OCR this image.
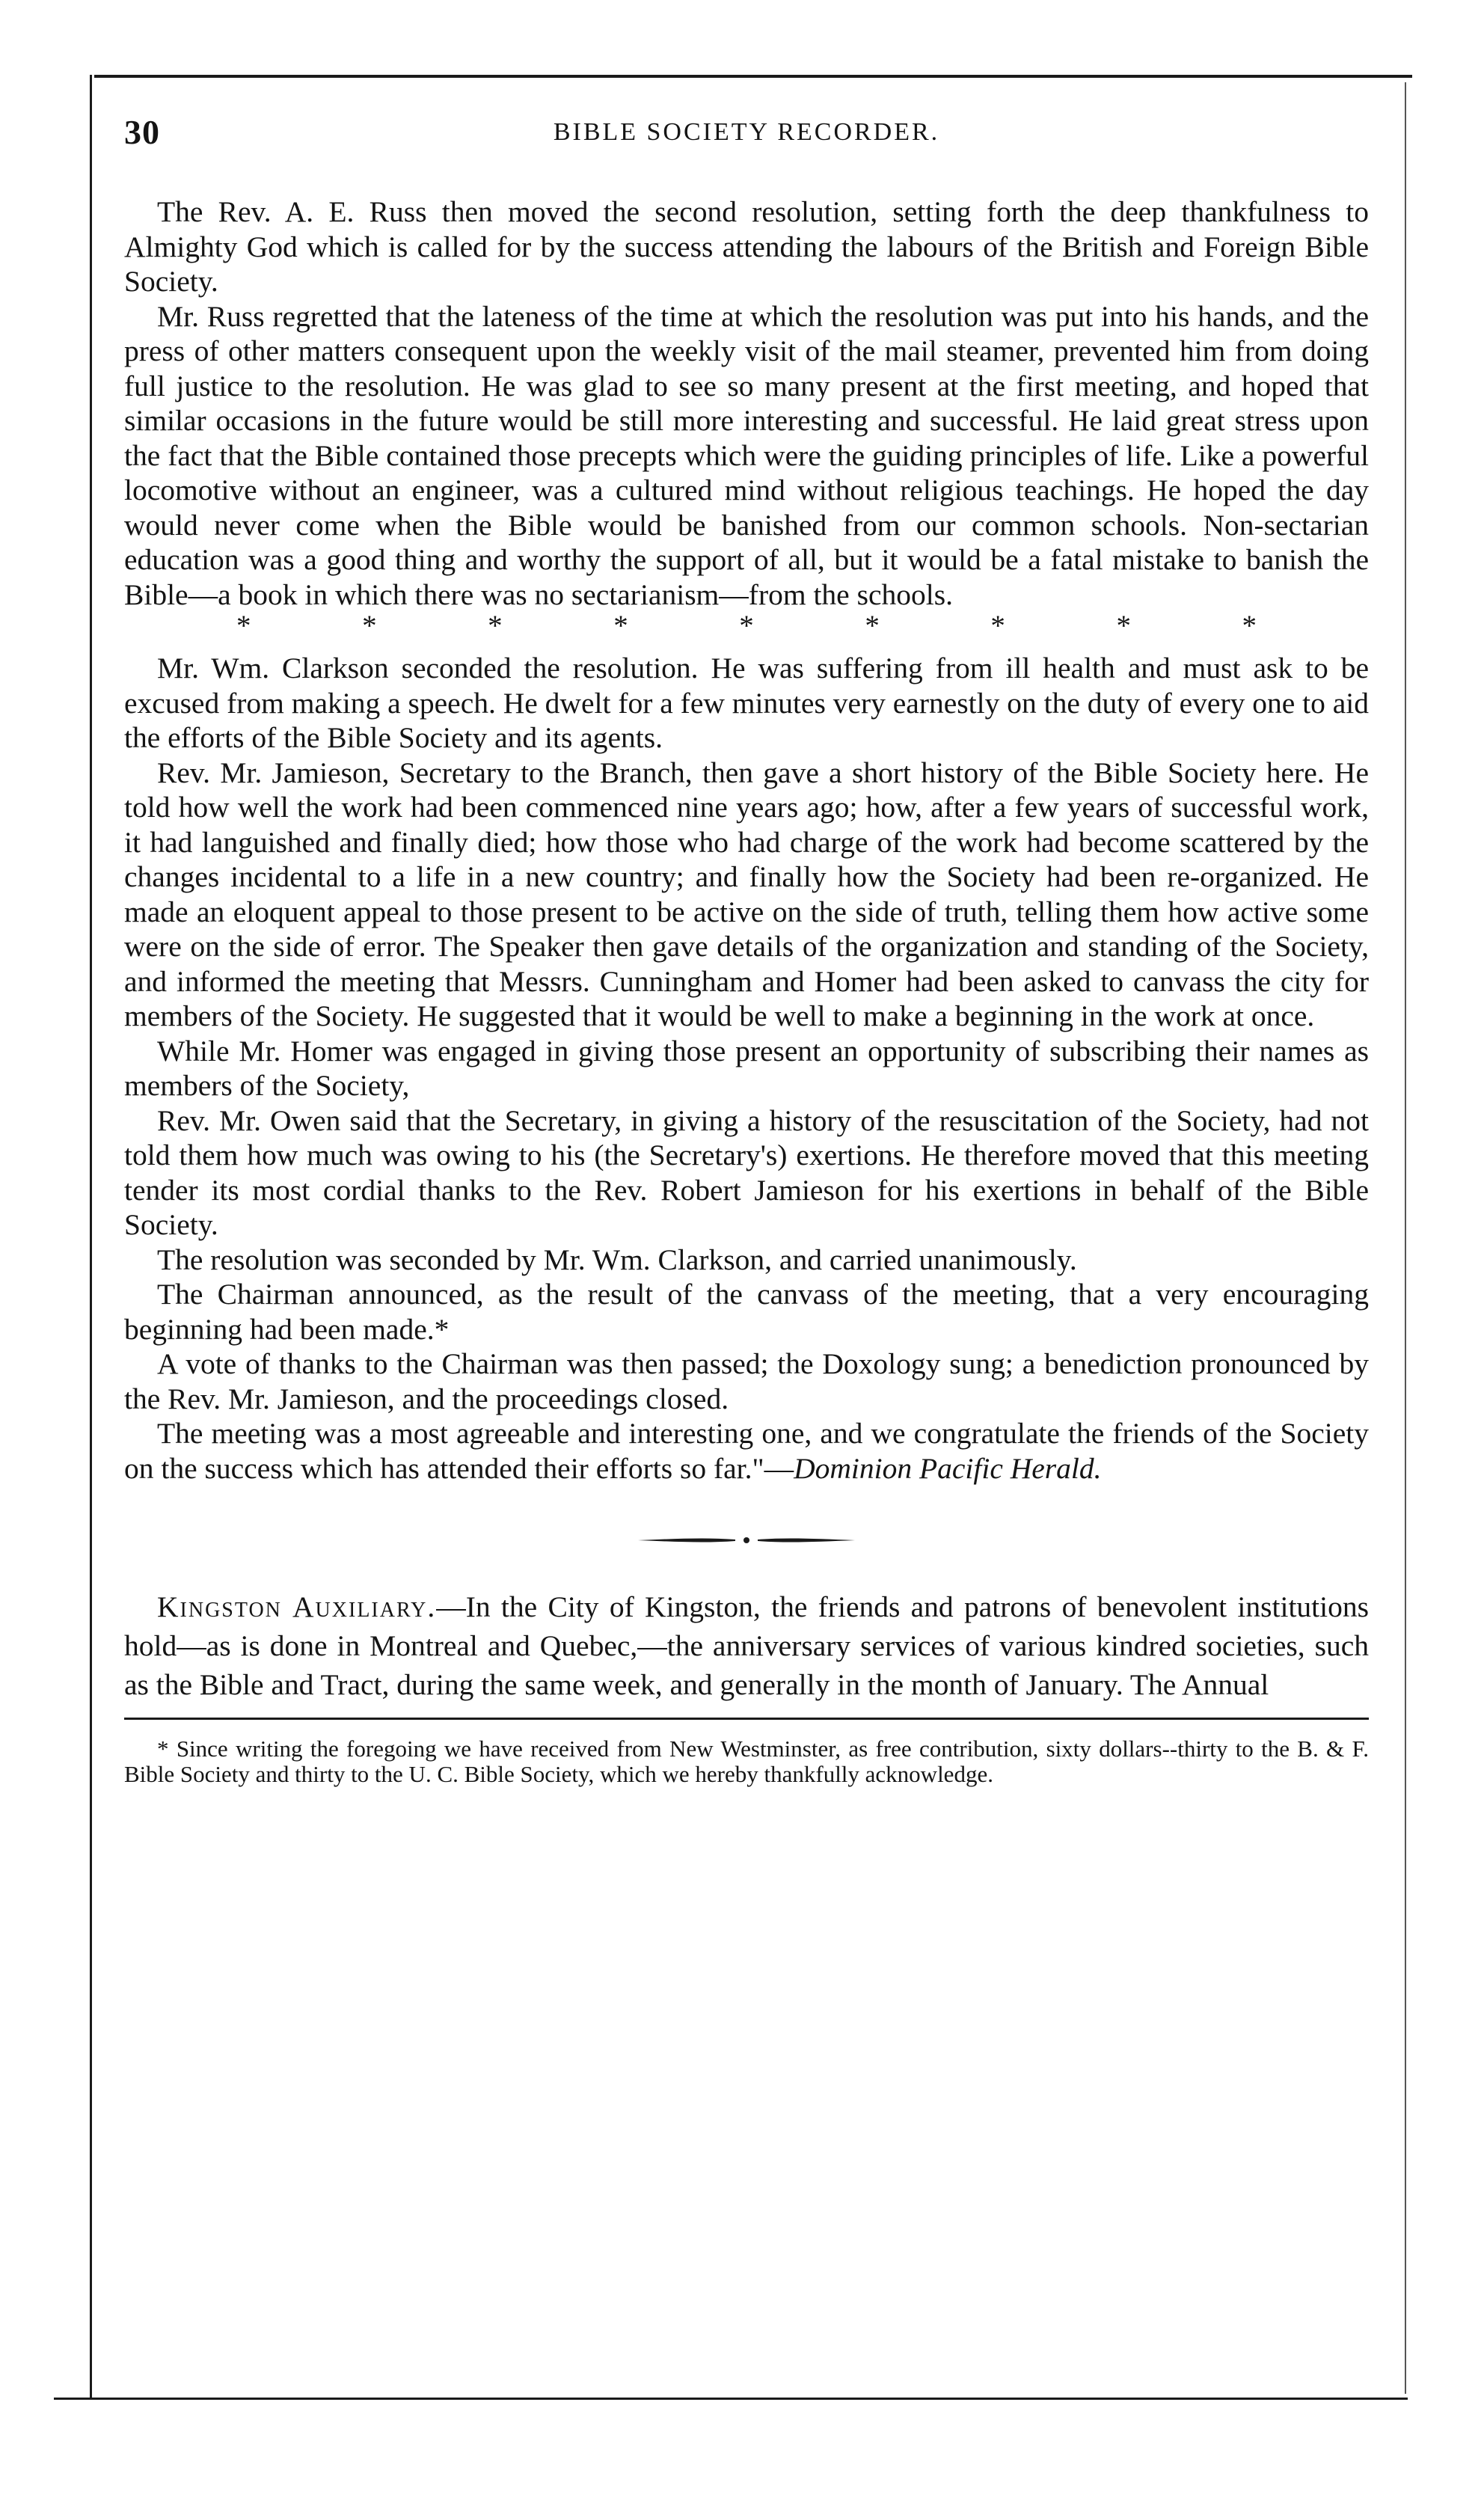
30	BIBLE SOCIETY RECORDER.

The Rev. A. E. Russ then moved the second resolution, setting forth the deep thankfulness to Almighty God which is called for by the success attending the labours of the British and Foreign Bible Society.

Mr. Russ regretted that the lateness of the time at which the resolution was put into his hands, and the press of other matters consequent upon the weekly visit of the mail steamer, prevented him from doing full justice to the resolution. He was glad to see so many present at the first meeting, and hoped that similar occasions in the future would be still more interesting and successful. He laid great stress upon the fact that the Bible contained those precepts which were the guiding principles of life. Like a powerful locomotive without an engineer, was a cultured mind without religious teachings. He hoped the day would never come when the Bible would be banished from our common schools. Non-sectarian education was a good thing and worthy the support of all, but it would be a fatal mistake to banish the Bible—a book in which there was no sectarianism—from the schools.

*	*	*	*	*	*	*	*	*

Mr. Wm. Clarkson seconded the resolution. He was suffering from ill health and must ask to be excused from making a speech. He dwelt for a few minutes very earnestly on the duty of every one to aid the efforts of the Bible Society and its agents.

Rev. Mr. Jamieson, Secretary to the Branch, then gave a short history of the Bible Society here. He told how well the work had been commenced nine years ago; how, after a few years of successful work, it had languished and finally died; how those who had charge of the work had become scattered by the changes incidental to a life in a new country; and finally how the Society had been re-organized. He made an eloquent appeal to those present to be active on the side of truth, telling them how active some were on the side of error. The Speaker then gave details of the organization and standing of the Society, and informed the meeting that Messrs. Cunningham and Homer had been asked to canvass the city for members of the Society. He suggested that it would be well to make a beginning in the work at once.

While Mr. Homer was engaged in giving those present an opportunity of subscribing their names as members of the Society,

Rev. Mr. Owen said that the Secretary, in giving a history of the resuscitation of the Society, had not told them how much was owing to his (the Secretary's) exertions. He therefore moved that this meeting tender its most cordial thanks to the Rev. Robert Jamieson for his exertions in behalf of the Bible Society.

The resolution was seconded by Mr. Wm. Clarkson, and carried unanimously.

The Chairman announced, as the result of the canvass of the meeting, that a very encouraging beginning had been made.*

A vote of thanks to the Chairman was then passed; the Doxology sung; a benediction pronounced by the Rev. Mr. Jamieson, and the proceedings closed.

The meeting was a most agreeable and interesting one, and we congratulate the friends of the Society on the success which has attended their efforts so far."—Dominion Pacific Herald.

Kingston Auxiliary.—In the City of Kingston, the friends and patrons of benevolent institutions hold—as is done in Montreal and Quebec,—the anniversary services of various kindred societies, such as the Bible and Tract, during the same week, and generally in the month of January. The Annual

* Since writing the foregoing we have received from New Westminster, as free contribution, sixty dollars--thirty to the B. & F. Bible Society and thirty to the U. C. Bible Society, which we hereby thankfully acknowledge.
